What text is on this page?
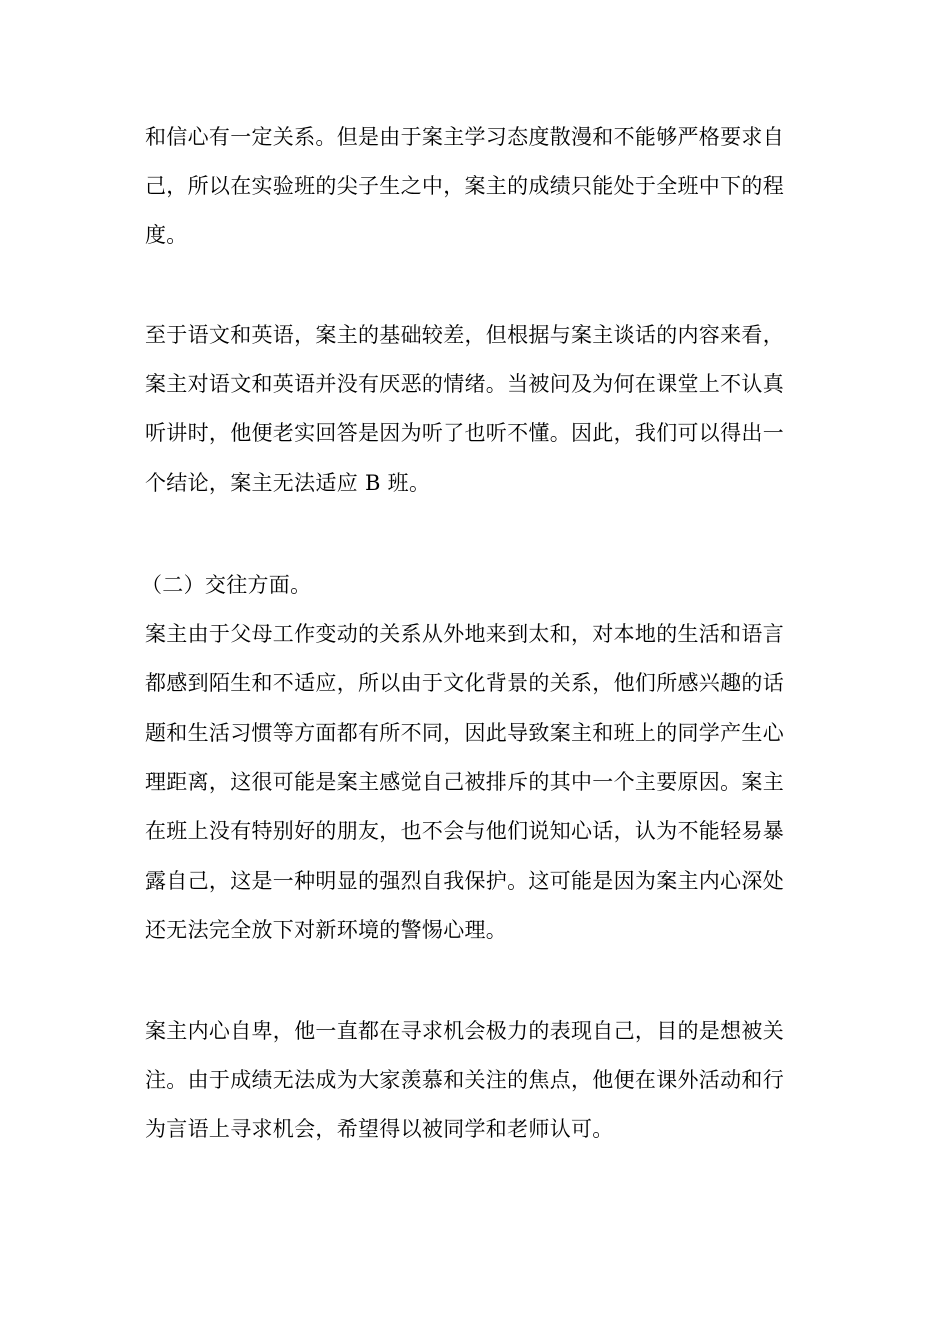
和信心有一定关系。但是由于案主学习态度散漫和不能够严格要求自
己，所以在实验班的尖子生之中，案主的成绩只能处于全班中下的程
度。
至于语文和英语，案主的基础较差，但根据与案主谈话的内容来看，
案主对语文和英语并没有厌恶的情绪。当被问及为何在课堂上不认真
听讲时，他便老实回答是因为听了也听不懂。因此，我们可以得出一
个结论，案主无法适应 B 班。
（二）交往方面。
案主由于父母工作变动的关系从外地来到太和，对本地的生活和语言
都感到陌生和不适应，所以由于文化背景的关系，他们所感兴趣的话
题和生活习惯等方面都有所不同，因此导致案主和班上的同学产生心
理距离，这很可能是案主感觉自己被排斥的其中一个主要原因。案主
在班上没有特别好的朋友，也不会与他们说知心话，认为不能轻易暴
露自己，这是一种明显的强烈自我保护。这可能是因为案主内心深处
还无法完全放下对新环境的警惕心理。
案主内心自卑，他一直都在寻求机会极力的表现自己，目的是想被关
注。由于成绩无法成为大家羡慕和关注的焦点，他便在课外活动和行
为言语上寻求机会，希望得以被同学和老师认可。
